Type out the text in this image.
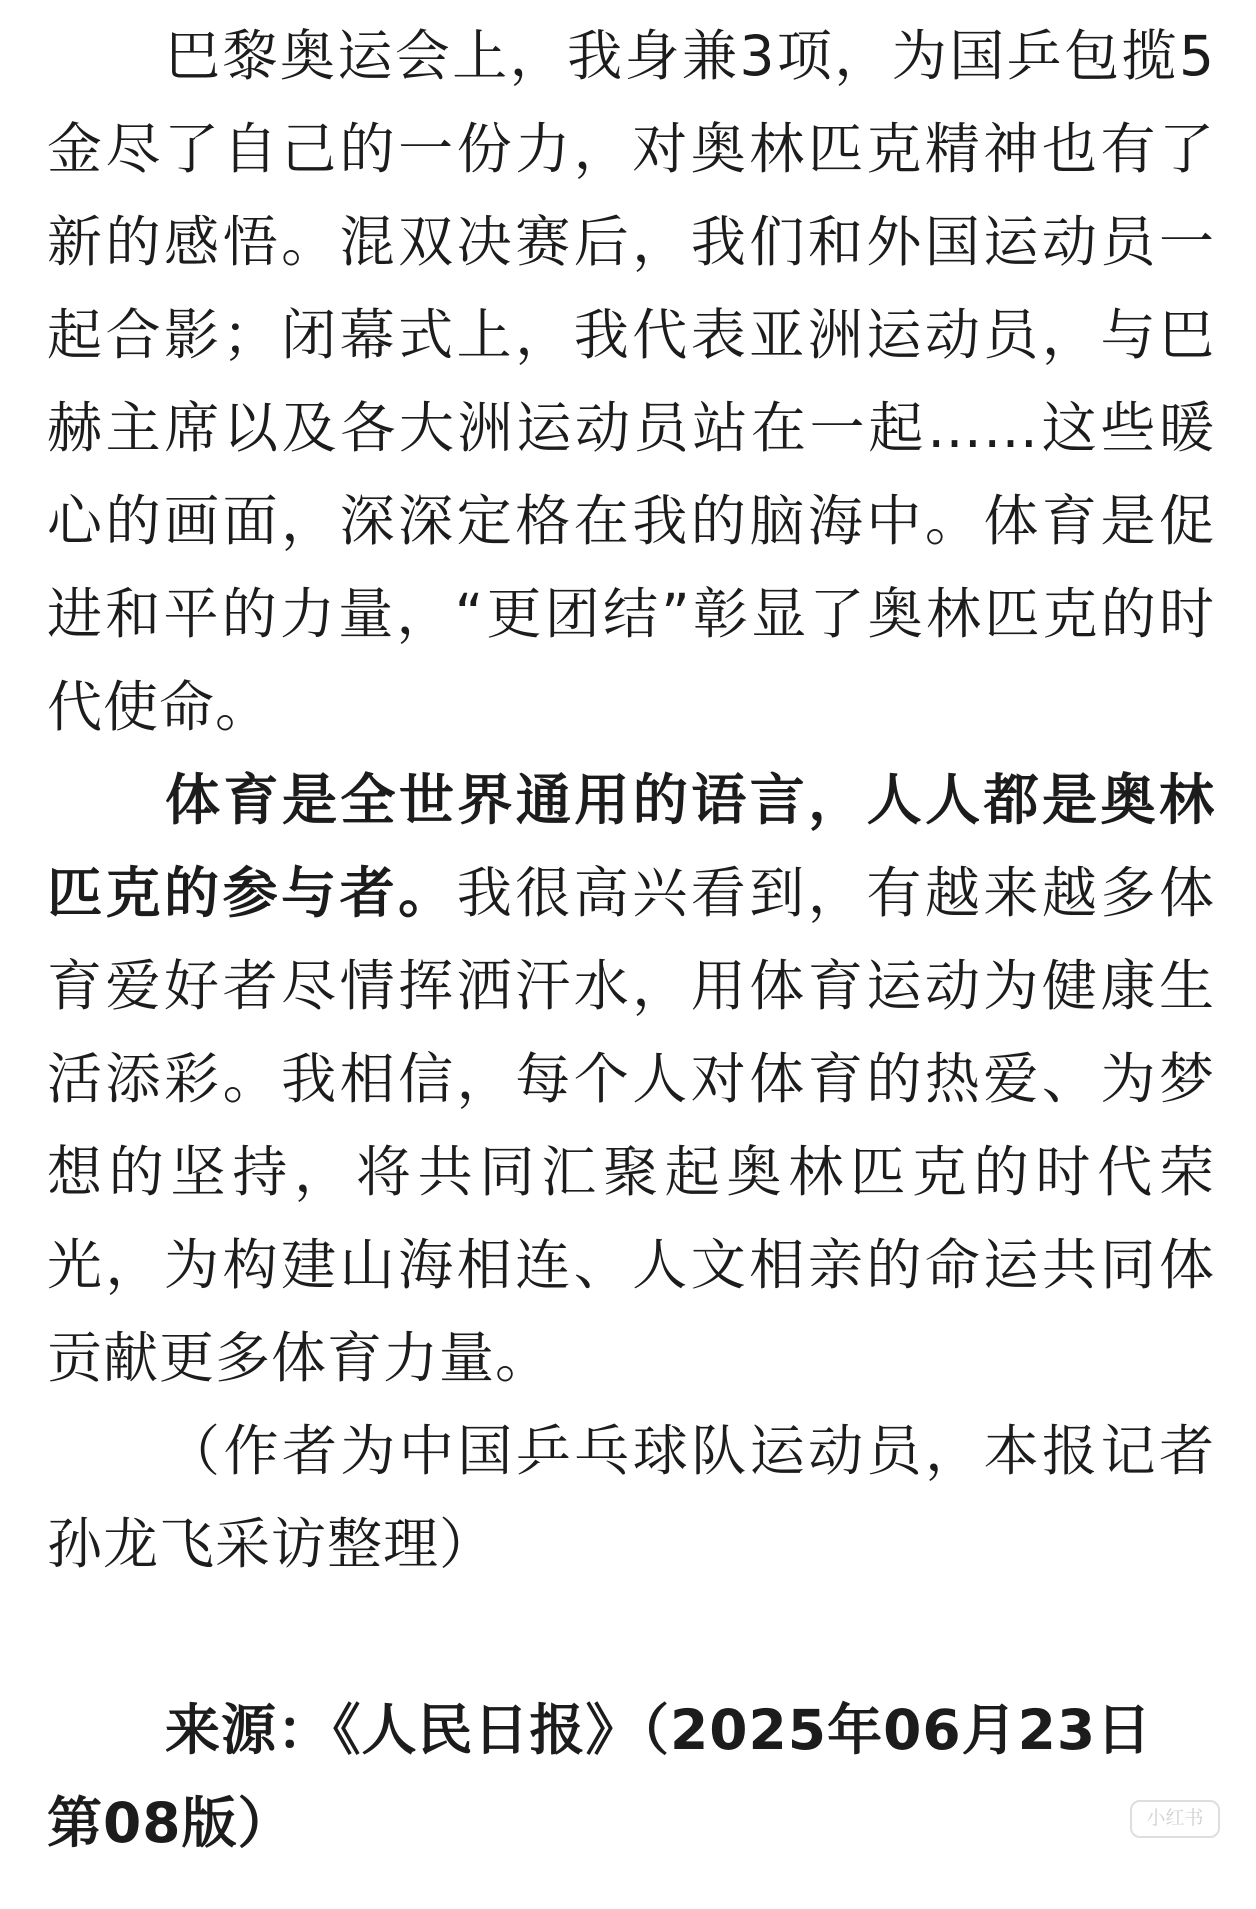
巴黎奥运会上，我身兼3项，为国乒包揽5金尽了自己的一份力，对奥林匹克精神也有了新的感悟。混双决赛后，我们和外国运动员一起合影；闭幕式上，我代表亚洲运动员，与巴赫主席以及各大洲运动员站在一起……这些暖心的画面，深深定格在我的脑海中。体育是促进和平的力量，“更团结”彰显了奥林匹克的时代使命。

体育是全世界通用的语言，人人都是奥林匹克的参与者。我很高兴看到，有越来越多体育爱好者尽情挥洒汗水，用体育运动为健康生活添彩。我相信，每个人对体育的热爱、为梦想的坚持，将共同汇聚起奥林匹克的时代荣光，为构建山海相连、人文相亲的命运共同体贡献更多体育力量。

（作者为中国乒乓球队运动员，本报记者孙龙飞采访整理）

来源：《人民日报》（2025年06月23日 第08版）	小红书
